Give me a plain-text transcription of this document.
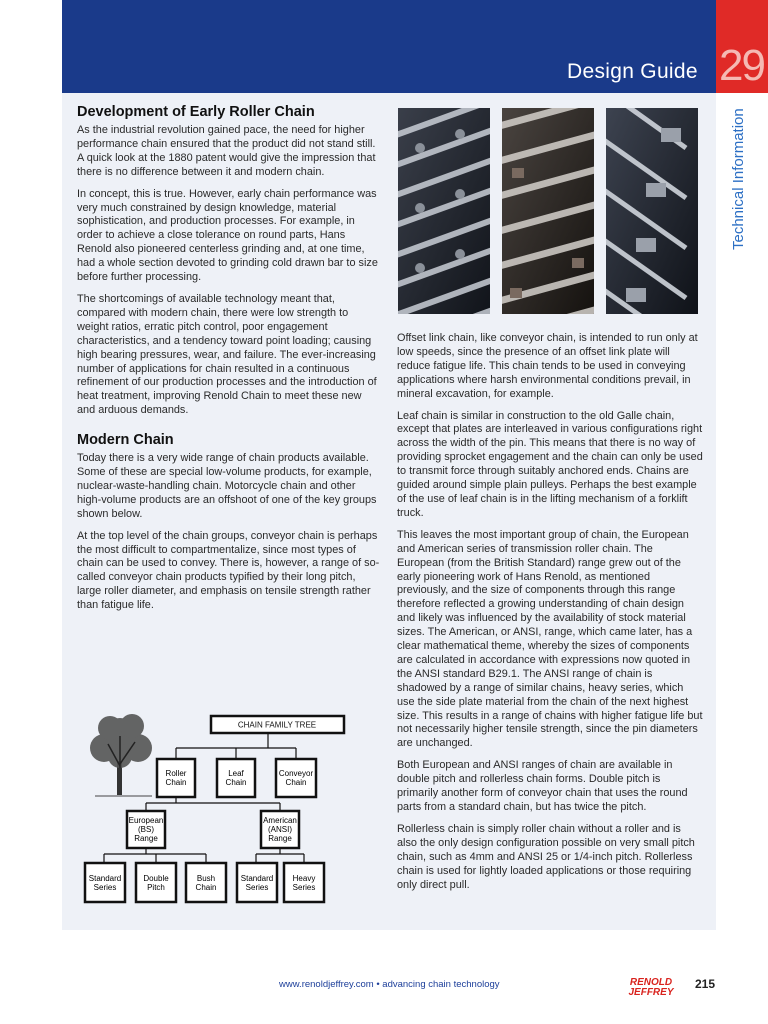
29
Design Guide
Technical Information
Development of Early Roller Chain

As the industrial revolution gained pace, the need for higher performance chain ensured that the product did not stand still. A quick look at the 1880 patent would give the impression that there is no difference between it and modern chain.

In concept, this is true. However, early chain performance was very much constrained by design knowledge, material sophistication, and production processes. For example, in order to achieve a close tolerance on round parts, Hans Renold also pioneered centerless grinding and, at one time, had a whole section devoted to grinding cold drawn bar to size before further processing.

The shortcomings of available technology meant that, compared with modern chain, there were low strength to weight ratios, erratic pitch control, poor engagement characteristics, and a tendency toward point loading; causing high bearing pressures, wear, and failure. The ever-increasing number of applications for chain resulted in a continuous refinement of our production processes and the introduction of heat treatment, improving Renold Chain to meet these new and arduous demands.

Modern Chain

Today there is a very wide range of chain products available. Some of these are special low-volume products, for example, nuclear-waste-handling chain. Motorcycle chain and other high-volume products are an offshoot of one of the key groups shown below.

At the top level of the chain groups, conveyor chain is perhaps the most difficult to compartmentalize, since most types of chain can be used to convey. There is, however, a range of so-called conveyor chain products typified by their long pitch, large roller diameter, and emphasis on tensile strength rather than fatigue life.

Offset link chain, like conveyor chain, is intended to run only at low speeds, since the presence of an offset link plate will reduce fatigue life. This chain tends to be used in conveying applications where harsh environmental conditions prevail, in mineral excavation, for example.

Leaf chain is similar in construction to the old Galle chain, except that plates are interleaved in various configurations right across the width of the pin. This means that there is no way of providing sprocket engagement and the chain can only be used to transmit force through suitably anchored ends. Chains are guided around simple plain pulleys. Perhaps the best example of the use of leaf chain is in the lifting mechanism of a forklift truck.

This leaves the most important group of chain, the European and American series of transmission roller chain. The European (from the British Standard) range grew out of the early pioneering work of Hans Renold, as mentioned previously, and the size of components through this range therefore reflected a growing understanding of chain design and likely was influenced by the availability of stock material sizes. The American, or ANSI, range, which came later, has a clear mathematical theme, whereby the sizes of components are calculated in accordance with expressions now quoted in the ANSI standard B29.1. The ANSI range of chain is shadowed by a range of similar chains, heavy series, which use the side plate material from the chain of the next highest size. This results in a range of chains with higher fatigue life but not necessarily higher tensile strength, since the pin diameters are unchanged.

Both European and ANSI ranges of chain are available in double pitch and rollerless chain forms. Double pitch is primarily another form of conveyor chain that uses the round parts from a standard chain, but has twice the pitch.

Rollerless chain is simply roller chain without a roller and is also the only design configuration possible on very small pitch chain, such as 4mm and ANSI 25 or 1/4-inch pitch. Rollerless chain is used for lightly loaded applications or those requiring only direct pull.

CHAIN FAMILY TREE
Roller
Chain
Leaf
Chain
Conveyor
Chain
European
(BS)
Range
American
(ANSI)
Range
Standard
Series
Double
Pitch
Bush
Chain
Standard
Series
Heavy
Series
www.renoldjeffrey.com • advancing chain technology	RENOLD
JEFFREY
215
